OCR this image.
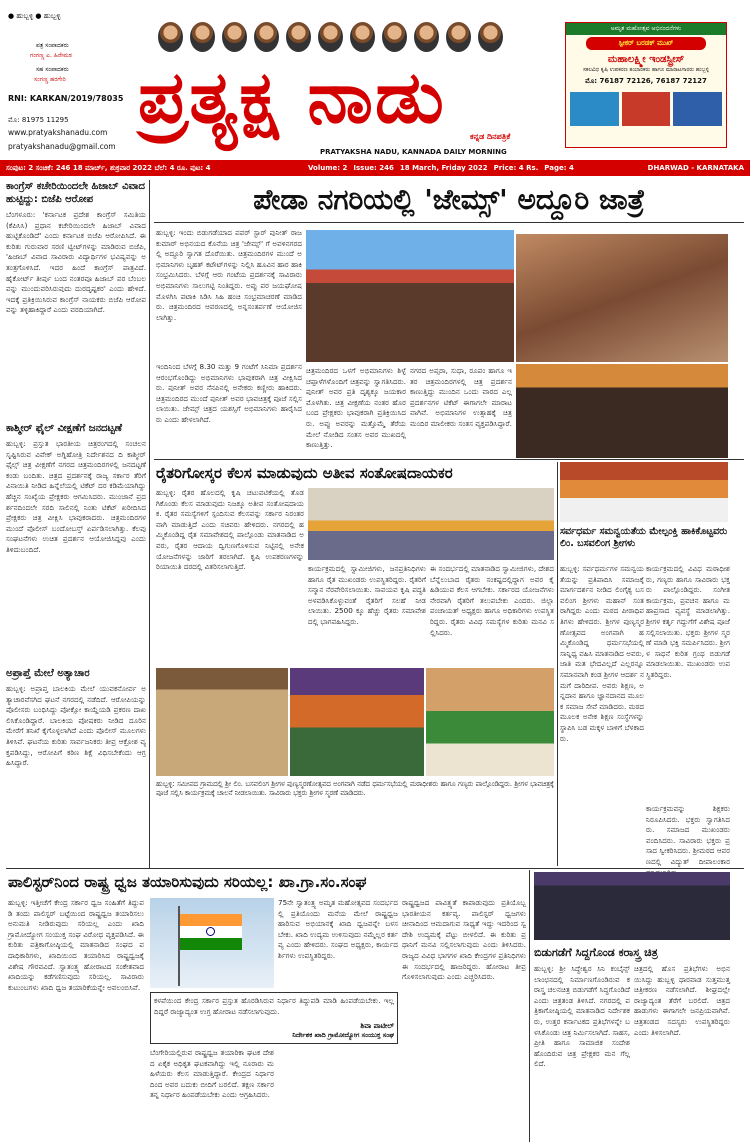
● ಹುಬ್ಬಳ್ಳಿ ● ಹುಬ್ಬಳ್ಳಿ
ಪತ್ರ ಸಂಪಾದಕರು
ಗಂಗಣ್ಣ ಎ. ಹಿರೇಮಠ
ಸಹ ಸಂಪಾದಕರು
ಸಂಗಣ್ಣ ಹರಗೇರಿ
RNI: KARKAN/2019/78035
ಮೊ: 81975 11295
www.pratyakshanadu.com
pratyakshanadu@gmail.com
ಪ್ರತ್ಯಕ್ಷ ನಾಡು	ಕನ್ನಡ ದಿನಪತ್ರಿಕೆ
PRATYAKSHA NADU, KANNADA DAILY MORNING
ಅಮೃತ ಮಹೋತ್ಸವ ಅಭಿನಂದನೆಗಳು
ಸ್ಪೀಕರ್ ಬರಡಕ್ ಮುಖ್
ಮಹಾಲಕ್ಷ್ಮೀ ಇಂಡಸ್ಟ್ರೀಸ್
ಸಕಲವಿಧ ಕೃಷಿ ಉಪಕರಣ ತಯಾರಕರು ಹಾಗೂ ಮಾರಾಟಗಾರರು ಹುಬ್ಬಳ್ಳಿ
ಮೊ: 76187 72126, 76187 72127
ಸಂಪುಟ: 2 ಸಂಚಿಕೆ: 246 18 ಮಾರ್ಚ್, ಶುಕ್ರವಾರ 2022 ಬೆಲೆ: 4 ರೂ. ಪುಟ: 4	Volume: 2 Issue: 246 18 March, Friday 2022 Price: 4 Rs. Page: 4	DHARWAD - KARNATAKA
ಕಾಂಗ್ರೆಸ್ ಕಚೇರಿಯಿಂದಲೇ ಹಿಜಾಬ್ ವಿವಾದ ಹುಟ್ಟಿದ್ದು: ಬಿಜೆಪಿ ಆರೋಪ
ಬೆಂಗಳೂರು: 'ಕರ್ನಾಟಕ ಪ್ರದೇಶ ಕಾಂಗ್ರೆಸ್ ಸಮಿತಿಯ (ಕೆಪಿಸಿಸಿ) ಪ್ರಧಾನ ಕಚೇರಿಯಿಂದಲೇ ಹಿಜಾಬ್ ವಿವಾದ ಹುಟ್ಟಿಕೊಂಡಿದೆ' ಎಂದು ಕರ್ನಾಟಕ ಬಿಜೆಪಿ ಆರೋಪಿಸಿದೆ. ಈ ಕುರಿತು ಗುರುವಾರ ಸರಣಿ ಟ್ವೀಟ್‌ಗಳನ್ನು ಮಾಡಿರುವ ಬಿಜೆಪಿ, 'ಹಿಜಾಬ್ ವಿವಾದ ಸಾವಿರಾರು ವಿದ್ಯಾರ್ಥಿಗಳ ಭವಿಷ್ಯವನ್ನು ಅತಂತ್ರಗೊಳಿಸಿದೆ. ಇದರ ಹಿಂದೆ ಕಾಂಗ್ರೆಸ್ ಪಾತ್ರವಿದೆ. ಹೈಕೋರ್ಟ್ ತೀರ್ಪು ಬಂದ ನಂತರವೂ ಹಿಜಾಬ್ ಪರ ಬೆಂಬಲವನ್ನು ಮುಂದುವರಿಸಿರುವುದು ದುರದೃಷ್ಟಕರ' ಎಂದು ಹೇಳಿದೆ. ಇದಕ್ಕೆ ಪ್ರತಿಕ್ರಿಯಿಸಿರುವ ಕಾಂಗ್ರೆಸ್ ನಾಯಕರು ಬಿಜೆಪಿ ಆರೋಪವನ್ನು ತಳ್ಳಿಹಾಕಿದ್ದಾರೆ ಎಂದು ವರದಿಯಾಗಿದೆ.
ಕಾಶ್ಮೀರ್ ಫೈಲ್ ವೀಕ್ಷಣೆಗೆ ಜನದಟ್ಟಣೆ
ಹುಬ್ಬಳ್ಳಿ: ಪ್ರಸ್ತುತ ಭಾರತೀಯ ಚಿತ್ರರಂಗದಲ್ಲಿ ಸಂಚಲನ ಸೃಷ್ಟಿಸಿರುವ ವಿವೇಕ್ ಅಗ್ನಿಹೋತ್ರಿ ನಿರ್ದೇಶನದ ದಿ ಕಾಶ್ಮೀರ್ ಫೈಲ್ಸ್ ಚಿತ್ರ ವೀಕ್ಷಣೆಗೆ ನಗರದ ಚಿತ್ರಮಂದಿರಗಳಲ್ಲಿ ಜನದಟ್ಟಣೆ ಕಂಡು ಬಂದಿತು. ಚಿತ್ರದ ಪ್ರದರ್ಶನಕ್ಕೆ ರಾಜ್ಯ ಸರ್ಕಾರ ತೆರಿಗೆ ವಿನಾಯಿತಿ ನೀಡಿದ ಹಿನ್ನೆಲೆಯಲ್ಲಿ ಟಿಕೆಟ್ ದರ ಕಡಿಮೆಯಾಗಿದ್ದು ಹೆಚ್ಚಿನ ಸಂಖ್ಯೆಯ ಪ್ರೇಕ್ಷಕರು ಆಗಮಿಸಿದರು. ಮುಂಜಾನೆ ಪ್ರದರ್ಶನದಿಂದಲೇ ಸರದಿ ಸಾಲಿನಲ್ಲಿ ನಿಂತು ಟಿಕೆಟ್ ಖರೀದಿಸಿದ ಪ್ರೇಕ್ಷಕರು ಚಿತ್ರ ವೀಕ್ಷಿಸಿ ಭಾವುಕರಾದರು. ಚಿತ್ರಮಂದಿರಗಳ ಮುಂದೆ ಪೊಲೀಸ್ ಬಂದೋಬಸ್ತ್ ಏರ್ಪಡಿಸಲಾಗಿತ್ತು. ಕೆಲವು ಸಂಘಟನೆಗಳು ಉಚಿತ ಪ್ರದರ್ಶನ ಆಯೋಜಿಸಿದ್ದವು ಎಂದು ತಿಳಿದುಬಂದಿದೆ.
ಅಪ್ರಾಪ್ತೆ ಮೇಲೆ ಅತ್ಯಾಚಾರ
ಹುಬ್ಬಳ್ಳಿ: ಅಪ್ರಾಪ್ತ ಬಾಲಕಿಯ ಮೇಲೆ ಯುವಕನೋರ್ವ ಅತ್ಯಾಚಾರವೆಸಗಿದ ಘಟನೆ ನಗರದಲ್ಲಿ ನಡೆದಿದೆ. ಆರೋಪಿಯನ್ನು ಪೊಲೀಸರು ಬಂಧಿಸಿದ್ದು ಪೋಕ್ಸೋ ಕಾಯ್ದೆಯಡಿ ಪ್ರಕರಣ ದಾಖಲಿಸಿಕೊಂಡಿದ್ದಾರೆ. ಬಾಲಕಿಯ ಪೋಷಕರು ನೀಡಿದ ದೂರಿನ ಮೇರೆಗೆ ತನಿಖೆ ಕೈಗೊಳ್ಳಲಾಗಿದೆ ಎಂದು ಪೊಲೀಸ್ ಮೂಲಗಳು ತಿಳಿಸಿವೆ. ಘಟನೆಯ ಕುರಿತು ಸಾರ್ವಜನಿಕರು ತೀವ್ರ ಆಕ್ರೋಶ ವ್ಯಕ್ತಪಡಿಸಿದ್ದು, ಆರೋಪಿಗೆ ಕಠಿಣ ಶಿಕ್ಷೆ ವಿಧಿಸಬೇಕೆಂದು ಆಗ್ರಹಿಸಿದ್ದಾರೆ.
ಪೇಡಾ ನಗರಿಯಲ್ಲಿ 'ಜೇಮ್ಸ್' ಅದ್ದೂರಿ ಜಾತ್ರೆ
ಹುಬ್ಬಳ್ಳಿ: ಇಂದು ಬಿಡುಗಡೆಯಾದ ಪವರ್ ಸ್ಟಾರ್ ಪುನೀತ್ ರಾಜಕುಮಾರ್ ಅಭಿನಯದ ಕೊನೆಯ ಚಿತ್ರ 'ಜೇಮ್ಸ್' ಗೆ ಅವಳಿನಗರದಲ್ಲಿ ಅದ್ದೂರಿ ಸ್ವಾಗತ ದೊರೆಯಿತು. ಚಿತ್ರಮಂದಿರಗಳ ಮುಂದೆ ಅಭಿಮಾನಿಗಳು ಬೃಹತ್ ಕಟೌಟ್‌ಗಳನ್ನು ನಿಲ್ಲಿಸಿ ಹೂವಿನ ಹಾರ ಹಾಕಿ ಸಂಭ್ರಮಿಸಿದರು. ಬೆಳಗ್ಗೆ ಆರು ಗಂಟೆಯ ಪ್ರದರ್ಶನಕ್ಕೆ ಸಾವಿರಾರು ಅಭಿಮಾನಿಗಳು ಸಾಲುಗಟ್ಟಿ ನಿಂತಿದ್ದರು. ಅಪ್ಪು ಪರ ಜಯಘೋಷ ಮೊಳಗಿಸಿ ಪಟಾಕಿ ಸಿಡಿಸಿ ಸಿಹಿ ಹಂಚಿ ಸಂಭ್ರಮಾಚರಣೆ ಮಾಡಿದರು. ಚಿತ್ರಮಂದಿರದ ಆವರಣದಲ್ಲಿ ಅನ್ನಸಂತರ್ಪಣೆ ಆಯೋಜಿಸಲಾಗಿತ್ತು.
ಇಂದಿನಿಂದ ಬೆಳಗ್ಗೆ 8.30 ಮತ್ತು 9 ಗಂಟೆಗೆ ಸಿನಿಮಾ ಪ್ರದರ್ಶನ ಆರಂಭಗೊಂಡಿದ್ದು ಅಭಿಮಾನಿಗಳು ಭಾವುಕರಾಗಿ ಚಿತ್ರ ವೀಕ್ಷಿಸಿದರು. ಪುನೀತ್ ಅವರ ನೆನಪಿನಲ್ಲಿ ಅನೇಕರು ಕಣ್ಣೀರು ಹಾಕಿದರು. ಚಿತ್ರಮಂದಿರದ ಮುಂದೆ ಪುನೀತ್ ಅವರ ಭಾವಚಿತ್ರಕ್ಕೆ ಪೂಜೆ ಸಲ್ಲಿಸಲಾಯಿತು. ಜೇಮ್ಸ್ ಚಿತ್ರದ ಯಶಸ್ಸಿಗೆ ಅಭಿಮಾನಿಗಳು ಹಾರೈಸಿದರು ಎಂದು ಹೇಳಲಾಗಿದೆ.
ಚಿತ್ರಮಂದಿರದ ಒಳಗೆ ಅಭಿಮಾನಿಗಳು ಶಿಳ್ಳೆ ಚಪ್ಪಾಳೆಗಳೊಂದಿಗೆ ಚಿತ್ರವನ್ನು ಸ್ವಾಗತಿಸಿದರು. ಪುನೀತ್ ಅವರ ಪ್ರತಿ ದೃಶ್ಯಕ್ಕೂ ಜಯಕಾರ ಮೊಳಗಿತು. ಚಿತ್ರ ವೀಕ್ಷಣೆಯ ನಂತರ ಹೊರಬಂದ ಪ್ರೇಕ್ಷಕರು ಭಾವುಕರಾಗಿ ಪ್ರತಿಕ್ರಿಯಿಸಿದರು. ಅಪ್ಪು ಅವರನ್ನು ಮತ್ತೊಮ್ಮೆ ತೆರೆಯ ಮೇಲೆ ನೋಡಿದ ಸಂತಸ ಅವರ ಮುಖದಲ್ಲಿ ಕಾಣುತ್ತಿತ್ತು.
ನಗರದ ಅಪ್ಸರಾ, ಸುಧಾ, ರೂಪಂ ಹಾಗೂ ಇತರ ಚಿತ್ರಮಂದಿರಗಳಲ್ಲಿ ಚಿತ್ರ ಪ್ರದರ್ಶನ ಕಾಣುತ್ತಿದ್ದು ಮುಂದಿನ ಒಂದು ವಾರದ ಎಲ್ಲ ಪ್ರದರ್ಶನಗಳ ಟಿಕೆಟ್ ಈಗಾಗಲೇ ಮಾರಾಟವಾಗಿವೆ. ಅಭಿಮಾನಿಗಳ ಉತ್ಸಾಹಕ್ಕೆ ಚಿತ್ರಮಂದಿರ ಮಾಲೀಕರು ಸಂತಸ ವ್ಯಕ್ತಪಡಿಸಿದ್ದಾರೆ.
ರೈತರಿಗೋಸ್ಕರ ಕೆಲಸ ಮಾಡುವುದು ಅತೀವ ಸಂತೋಷದಾಯಕರ
ಹುಬ್ಬಳ್ಳಿ: ರೈತರ ಹೊಲದಲ್ಲಿ ಕೃಷಿ ಚಟುವಟಿಕೆಯಲ್ಲಿ ತೊಡಗಿಕೊಂಡು ಕೆಲಸ ಮಾಡುವುದು ನಿಜಕ್ಕೂ ಅತೀವ ಸಂತೋಷದಾಯಕ. ರೈತರ ಸಮಸ್ಯೆಗಳಿಗೆ ಸ್ಪಂದಿಸುವ ಕೆಲಸವನ್ನು ಸರ್ಕಾರ ನಿರಂತರವಾಗಿ ಮಾಡುತ್ತಿದೆ ಎಂದು ಸಚಿವರು ಹೇಳಿದರು. ನಗರದಲ್ಲಿ ಹಮ್ಮಿಕೊಂಡಿದ್ದ ರೈತ ಸಮಾವೇಶದಲ್ಲಿ ಪಾಲ್ಗೊಂಡು ಮಾತನಾಡಿದ ಅವರು, ರೈತರ ಆದಾಯ ದ್ವಿಗುಣಗೊಳಿಸುವ ನಿಟ್ಟಿನಲ್ಲಿ ಅನೇಕ ಯೋಜನೆಗಳನ್ನು ಜಾರಿಗೆ ತರಲಾಗಿದೆ. ಕೃಷಿ ಉಪಕರಣಗಳನ್ನು ರಿಯಾಯಿತಿ ದರದಲ್ಲಿ ವಿತರಿಸಲಾಗುತ್ತಿದೆ.	ಕಾರ್ಯಕ್ರಮದಲ್ಲಿ ಸ್ವಾಮೀಜಿಗಳು, ಜನಪ್ರತಿನಿಧಿಗಳು ಹಾಗೂ ರೈತ ಮುಖಂಡರು ಉಪಸ್ಥಿತರಿದ್ದರು. ರೈತರಿಗೆ ಸನ್ಮಾನ ನೆರವೇರಿಸಲಾಯಿತು. ಸಾವಯವ ಕೃಷಿ ಪದ್ಧತಿ ಅಳವಡಿಸಿಕೊಳ್ಳುವಂತೆ ರೈತರಿಗೆ ಸಲಹೆ ನೀಡಲಾಯಿತು. 2500 ಕ್ಕೂ ಹೆಚ್ಚು ರೈತರು ಸಮಾವೇಶದಲ್ಲಿ ಭಾಗವಹಿಸಿದ್ದರು.
ಈ ಸಂದರ್ಭದಲ್ಲಿ ಮಾತನಾಡಿದ ಸ್ವಾಮೀಜಿಗಳು, ದೇಶದ ಬೆನ್ನೆಲುಬಾದ ರೈತರು ಸಂಕಷ್ಟದಲ್ಲಿದ್ದಾಗ ಅವರ ಕೈ ಹಿಡಿಯುವ ಕೆಲಸ ಆಗಬೇಕು. ಸರ್ಕಾರದ ಯೋಜನೆಗಳು ನೇರವಾಗಿ ರೈತರಿಗೆ ತಲುಪಬೇಕು ಎಂದರು. ಜಿಲ್ಲಾ ಪಂಚಾಯತ್ ಅಧ್ಯಕ್ಷರು ಹಾಗೂ ಅಧಿಕಾರಿಗಳು ಉಪಸ್ಥಿತರಿದ್ದರು. ರೈತರು ವಿವಿಧ ಸಮಸ್ಯೆಗಳ ಕುರಿತು ಮನವಿ ಸಲ್ಲಿಸಿದರು.
ಸರ್ವಧರ್ಮ ಸಮನ್ವಯತೆಯ ಮೇಲ್ಪಂಕ್ತಿ ಹಾಕಿಕೊಟ್ಟವರು ಲಿಂ. ಬಸವಲಿಂಗ ಶ್ರೀಗಳು
ಹುಬ್ಬಳ್ಳಿ: ಸರ್ವಧರ್ಮಗಳ ಸಮನ್ವಯತೆಯನ್ನು ಪ್ರತಿಪಾದಿಸಿ ಸಮಾಜಕ್ಕೆ ಮಾರ್ಗದರ್ಶನ ನೀಡಿದ ಲಿಂಗೈಕ್ಯ ಬಸವಲಿಂಗ ಶ್ರೀಗಳು ಮಹಾನ್ ಸಂತರಾಗಿದ್ದರು ಎಂದು ಮಠದ ಪೀಠಾಧಿಪತಿಗಳು ಹೇಳಿದರು. ಶ್ರೀಗಳ ಪುಣ್ಯಸ್ಮರಣೋತ್ಸವದ ಅಂಗವಾಗಿ ಹಮ್ಮಿಕೊಂಡಿದ್ದ ಧರ್ಮಸಭೆಯಲ್ಲಿ ಸಾನ್ನಿಧ್ಯ ವಹಿಸಿ ಮಾತನಾಡಿದ ಅವರು, ಜಾತಿ ಮತ ಭೇದವಿಲ್ಲದೆ ಎಲ್ಲರನ್ನೂ ಸಮಾನವಾಗಿ ಕಂಡ ಶ್ರೀಗಳ ಆದರ್ಶ ನಮಗೆ ದಾರಿದೀಪ. ಅವರು ಶಿಕ್ಷಣ, ಅನ್ನದಾನ ಹಾಗೂ ಜ್ಞಾನದಾನದ ಮೂಲಕ ಸಮಾಜ ಸೇವೆ ಮಾಡಿದರು. ಮಠದ ಮೂಲಕ ಅನೇಕ ಶಿಕ್ಷಣ ಸಂಸ್ಥೆಗಳನ್ನು ಸ್ಥಾಪಿಸಿ ಬಡ ಮಕ್ಕಳ ಬಾಳಿಗೆ ಬೆಳಕಾದರು.
ಕಾರ್ಯಕ್ರಮದಲ್ಲಿ ವಿವಿಧ ಮಠಾಧೀಶರು, ಗಣ್ಯರು ಹಾಗೂ ಸಾವಿರಾರು ಭಕ್ತರು ಪಾಲ್ಗೊಂಡಿದ್ದರು. ಸಂಗೀತ ಕಾರ್ಯಕ್ರಮ, ಪ್ರವಚನ ಹಾಗೂ ಮಹಾಪ್ರಸಾದ ವ್ಯವಸ್ಥೆ ಮಾಡಲಾಗಿತ್ತು. ಶ್ರೀಗಳ ಕರ್ತೃ ಗದ್ದುಗೆಗೆ ವಿಶೇಷ ಪೂಜೆ ಸಲ್ಲಿಸಲಾಯಿತು. ಭಕ್ತರು ಶ್ರೀಗಳ ಸ್ಮರಣೆ ಮಾಡಿ ಭಕ್ತಿ ಸಮರ್ಪಿಸಿದರು. ಶ್ರೀಗಳ ಸಾಧನೆ ಕುರಿತ ಗ್ರಂಥ ಬಿಡುಗಡೆ ಮಾಡಲಾಯಿತು. ಮುಖಂಡರು ಉಪಸ್ಥಿತರಿದ್ದರು.
ಕಾರ್ಯಕ್ರಮವನ್ನು ಶಿಕ್ಷಕರು ನಿರೂಪಿಸಿದರು. ಭಕ್ತರು ಸ್ವಾಗತಿಸಿದರು. ಸಮಾಜದ ಮುಖಂಡರು ವಂದಿಸಿದರು. ಸಾವಿರಾರು ಭಕ್ತರು ಪ್ರಸಾದ ಸ್ವೀಕರಿಸಿದರು. ಶ್ರೀಮಠದ ಆವರಣದಲ್ಲಿ ವಿದ್ಯುತ್ ದೀಪಾಲಂಕಾರ
ಹುಬ್ಬಳ್ಳಿ: ಸಮೀಪದ ಗ್ರಾಮದಲ್ಲಿ ಶ್ರೀ ಲಿಂ. ಬಸವಲಿಂಗ ಶ್ರೀಗಳ ಪುಣ್ಯಸ್ಮರಣೋತ್ಸವದ ಅಂಗವಾಗಿ ನಡೆದ ಧರ್ಮಸಭೆಯಲ್ಲಿ ಮಠಾಧೀಶರು ಹಾಗೂ ಗಣ್ಯರು ಪಾಲ್ಗೊಂಡಿದ್ದರು. ಶ್ರೀಗಳ ಭಾವಚಿತ್ರಕ್ಕೆ ಪೂಜೆ ಸಲ್ಲಿಸಿ ಕಾರ್ಯಕ್ರಮಕ್ಕೆ ಚಾಲನೆ ನೀಡಲಾಯಿತು. ಸಾವಿರಾರು ಭಕ್ತರು ಶ್ರೀಗಳ ಸ್ಮರಣೆ ಮಾಡಿದರು.
ಪಾಲಿಸ್ಟರ್‌ನಿಂದ ರಾಷ್ಟ್ರ ಧ್ವಜ ತಯಾರಿಸುವುದು ಸರಿಯಲ್ಲ: ಖಾ.ಗ್ರಾ.ಸಂ.ಸಂಘ
ಹುಬ್ಬಳ್ಳಿ: ಇತ್ತೀಚೆಗೆ ಕೇಂದ್ರ ಸರ್ಕಾರ ಧ್ವಜ ಸಂಹಿತೆಗೆ ತಿದ್ದುಪಡಿ ತಂದು ಪಾಲಿಸ್ಟರ್ ಬಟ್ಟೆಯಿಂದ ರಾಷ್ಟ್ರಧ್ವಜ ತಯಾರಿಸಲು ಅನುಮತಿ ನೀಡಿರುವುದು ಸರಿಯಲ್ಲ ಎಂದು ಖಾದಿ ಗ್ರಾಮೋದ್ಯೋಗ ಸಂಯುಕ್ತ ಸಂಘ ವಿರೋಧ ವ್ಯಕ್ತಪಡಿಸಿದೆ. ಈ ಕುರಿತು ಪತ್ರಿಕಾಗೋಷ್ಠಿಯಲ್ಲಿ ಮಾತನಾಡಿದ ಸಂಘದ ಪದಾಧಿಕಾರಿಗಳು, ಖಾದಿಯಿಂದ ತಯಾರಿಸಿದ ರಾಷ್ಟ್ರಧ್ವಜಕ್ಕೆ ವಿಶೇಷ ಗೌರವವಿದೆ. ಸ್ವಾತಂತ್ರ್ಯ ಹೋರಾಟದ ಸಂಕೇತವಾದ ಖಾದಿಯನ್ನು ಕಡೆಗಣಿಸುವುದು ಸರಿಯಲ್ಲ. ಸಾವಿರಾರು ಕುಟುಂಬಗಳು ಖಾದಿ ಧ್ವಜ ತಯಾರಿಕೆಯನ್ನೇ ಅವಲಂಬಿಸಿವೆ.
75ನೇ ಸ್ವಾತಂತ್ರ್ಯ ಅಮೃತ ಮಹೋತ್ಸವದ ಸಂದರ್ಭದಲ್ಲಿ ಪ್ರತಿಯೊಂದು ಮನೆಯ ಮೇಲೆ ರಾಷ್ಟ್ರಧ್ವಜ ಹಾರಿಸುವ ಅಭಿಯಾನಕ್ಕೆ ಖಾದಿ ಧ್ವಜವನ್ನೇ ಬಳಸಬೇಕು. ಖಾದಿ ಉದ್ಯಮ ಉಳಿಸುವುದು ನಮ್ಮೆಲ್ಲರ ಕರ್ತವ್ಯ ಎಂದು ಹೇಳಿದರು. ಸಂಘದ ಅಧ್ಯಕ್ಷರು, ಕಾರ್ಯದರ್ಶಿಗಳು ಉಪಸ್ಥಿತರಿದ್ದರು.
ಕಳಪೆಯಿಂದ ಕೇಂದ್ರ ಸರ್ಕಾರ ಪ್ರಸ್ತುತ ಹೊರಡಿಸಿರುವ ನಿರ್ಧಾರ ತಿದ್ದುಪಡಿ ಮಾಡಿ ಹಿಂಪಡೆಯಬೇಕು. ಇಲ್ಲದಿದ್ದರೆ ರಾಜ್ಯಾದ್ಯಂತ ಉಗ್ರ ಹೋರಾಟ ನಡೆಸಲಾಗುವುದು.
ಶಿವಾ ಪಾಟೀಲ್
ನಿರ್ದೇಶಕ ಖಾದಿ ಗ್ರಾಮೋದ್ಯೋಗ ಸಂಯುಕ್ತ ಸಂಘ
ಬೆಂಗೇರಿಯಲ್ಲಿರುವ ರಾಷ್ಟ್ರಧ್ವಜ ತಯಾರಿಕಾ ಘಟಕ ದೇಶದ ಏಕೈಕ ಅಧಿಕೃತ ಘಟಕವಾಗಿದ್ದು ಇಲ್ಲಿ ನೂರಾರು ಮಹಿಳೆಯರು ಕೆಲಸ ಮಾಡುತ್ತಿದ್ದಾರೆ. ಕೇಂದ್ರದ ನಿರ್ಧಾರದಿಂದ ಅವರ ಬದುಕು ಬೀದಿಗೆ ಬರಲಿದೆ. ತಕ್ಷಣ ಸರ್ಕಾರ ತನ್ನ ನಿರ್ಧಾರ ಹಿಂಪಡೆಯಬೇಕು ಎಂದು ಆಗ್ರಹಿಸಿದರು.
ರಾಷ್ಟ್ರಧ್ವಜದ ಪಾವಿತ್ರ್ಯತೆ ಕಾಪಾಡುವುದು ಪ್ರತಿಯೊಬ್ಬ ಭಾರತೀಯನ ಕರ್ತವ್ಯ. ಪಾಲಿಸ್ಟರ್ ಧ್ವಜಗಳು ಚೀನಾದಿಂದ ಆಮದಾಗುವ ಸಾಧ್ಯತೆ ಇದ್ದು ಇದರಿಂದ ಸ್ವದೇಶಿ ಉದ್ಯಮಕ್ಕೆ ಪೆಟ್ಟು ಬೀಳಲಿದೆ. ಈ ಕುರಿತು ಪ್ರಧಾನಿಗೆ ಮನವಿ ಸಲ್ಲಿಸಲಾಗುವುದು ಎಂದು ತಿಳಿಸಿದರು. ರಾಜ್ಯದ ವಿವಿಧ ಭಾಗಗಳ ಖಾದಿ ಕೇಂದ್ರಗಳ ಪ್ರತಿನಿಧಿಗಳು ಈ ಸಂದರ್ಭದಲ್ಲಿ ಹಾಜರಿದ್ದರು. ಹೋರಾಟ ತೀವ್ರಗೊಳಿಸಲಾಗುವುದು ಎಂದು ಎಚ್ಚರಿಸಿದರು.
ಬಿಡುಗಡೆಗೆ ಸಿದ್ದಗೊಂಡ ಕರಾಸ್ತ್ರ ಚಿತ್ರ
ಹುಬ್ಬಳ್ಳಿ: ಶ್ರೀ ಸಿದ್ಧೇಶ್ವರ ಸಿನಿ ಕಂಬೈನ್ಸ್ ಲಾಂಛನದಲ್ಲಿ ನಿರ್ಮಾಣಗೊಂಡಿರುವ ಕರಾಸ್ತ್ರ ಚಲನಚಿತ್ರ ಬಿಡುಗಡೆಗೆ ಸಿದ್ಧಗೊಂಡಿದೆ ಎಂದು ಚಿತ್ರತಂಡ ತಿಳಿಸಿದೆ. ನಗರದಲ್ಲಿ ಪತ್ರಿಕಾಗೋಷ್ಠಿಯಲ್ಲಿ ಮಾತನಾಡಿದ ನಿರ್ದೇಶಕರು, ಉತ್ತರ ಕರ್ನಾಟಕದ ಪ್ರತಿಭೆಗಳನ್ನೇ ಬಳಸಿಕೊಂಡು ಚಿತ್ರ ನಿರ್ಮಿಸಲಾಗಿದೆ. ಸಾಹಸ, ಪ್ರೀತಿ ಹಾಗೂ ಸಾಮಾಜಿಕ ಸಂದೇಶ ಹೊಂದಿರುವ ಚಿತ್ರ ಪ್ರೇಕ್ಷಕರ ಮನ ಗೆಲ್ಲಲಿದೆ.
ಚಿತ್ರದಲ್ಲಿ ಹೊಸ ಪ್ರತಿಭೆಗಳು ಅಭಿನಯಿಸಿದ್ದು ಹುಬ್ಬಳ್ಳಿ ಧಾರವಾಡ ಸುತ್ತಮುತ್ತ ಚಿತ್ರೀಕರಣ ನಡೆಸಲಾಗಿದೆ. ಶೀಘ್ರದಲ್ಲೇ ರಾಜ್ಯಾದ್ಯಂತ ತೆರೆಗೆ ಬರಲಿದೆ. ಚಿತ್ರದ ಹಾಡುಗಳು ಈಗಾಗಲೇ ಜನಪ್ರಿಯವಾಗಿವೆ. ಚಿತ್ರತಂಡದ ಸದಸ್ಯರು ಉಪಸ್ಥಿತರಿದ್ದರು ಎಂದು ತಿಳಿಸಲಾಗಿದೆ.
